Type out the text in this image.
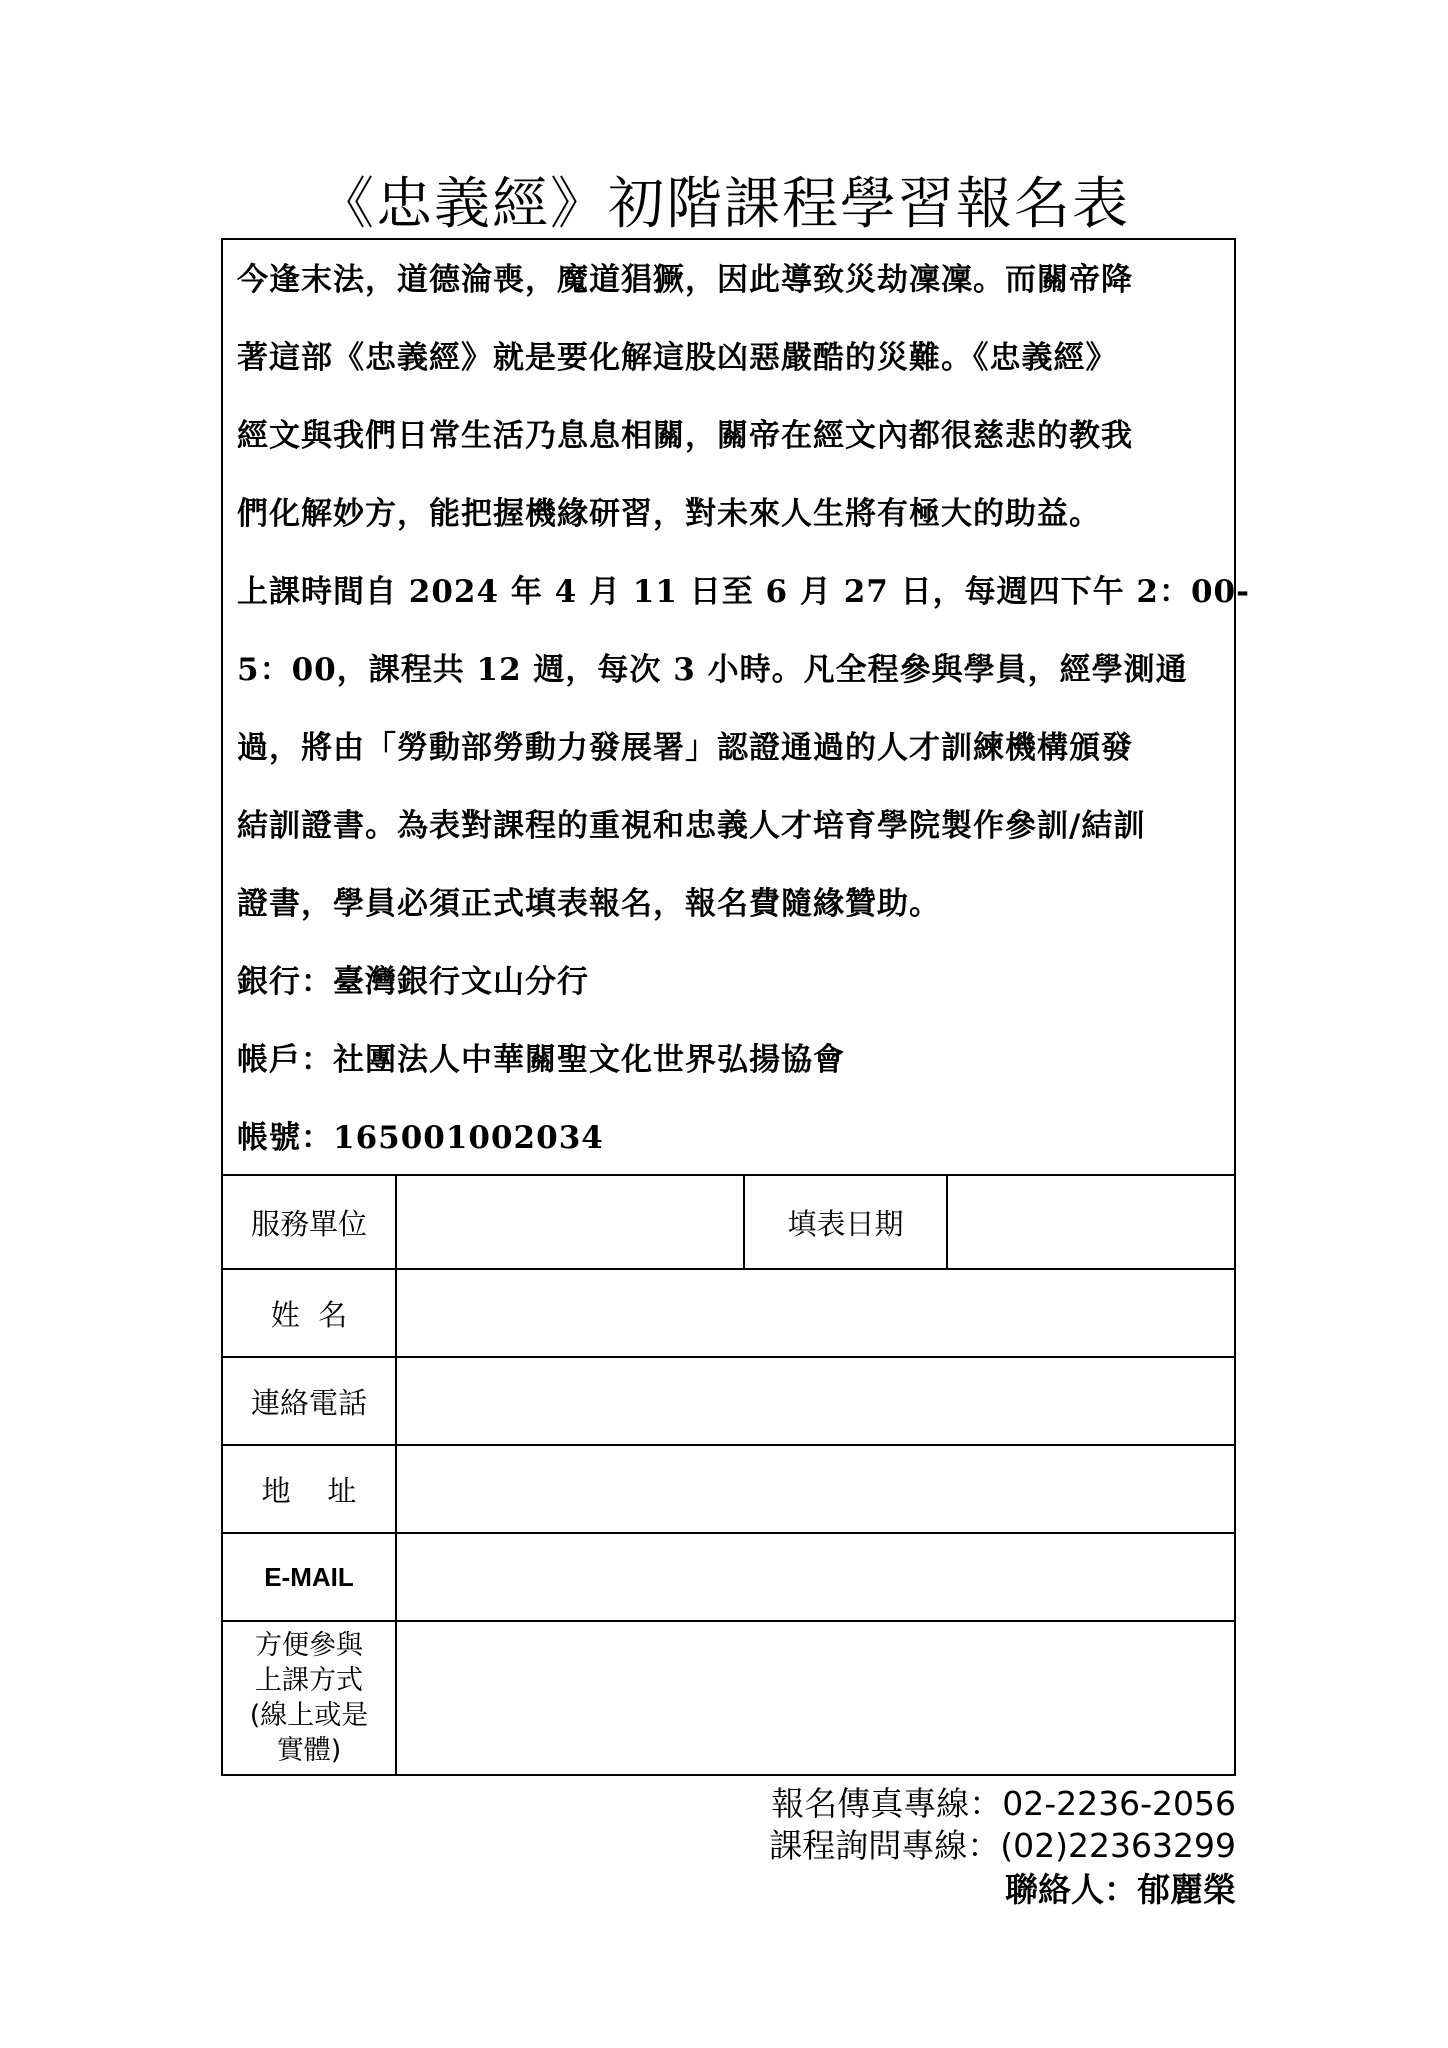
《忠義經》初階課程學習報名表
今逢末法，道德淪喪，魔道猖獗，因此導致災劫凜凜。而關帝降
著這部《忠義經》就是要化解這股凶惡嚴酷的災難。《忠義經》
經文與我們日常生活乃息息相關，關帝在經文內都很慈悲的教我
們化解妙方，能把握機緣研習，對未來人生將有極大的助益。
上課時間自 2024 年 4 月 11 日至 6 月 27 日，每週四下午 2：00-
5：00，課程共 12 週，每次 3 小時。凡全程參與學員，經學測通
過，將由「勞動部勞動力發展署」認證通過的人才訓練機構頒發
結訓證書。為表對課程的重視和忠義人才培育學院製作參訓/結訓
證書，學員必須正式填表報名，報名費隨緣贊助。
銀行：臺灣銀行文山分行
帳戶：社團法人中華關聖文化世界弘揚協會
帳號：165001002034
服務單位	填表日期
姓  名
連絡電話
地    址
E-MAIL
方便參與
上課方式
(線上或是
實體)
報名傳真專線：02-2236-2056
課程詢問專線：(02)22363299
聯絡人：郁麗榮
